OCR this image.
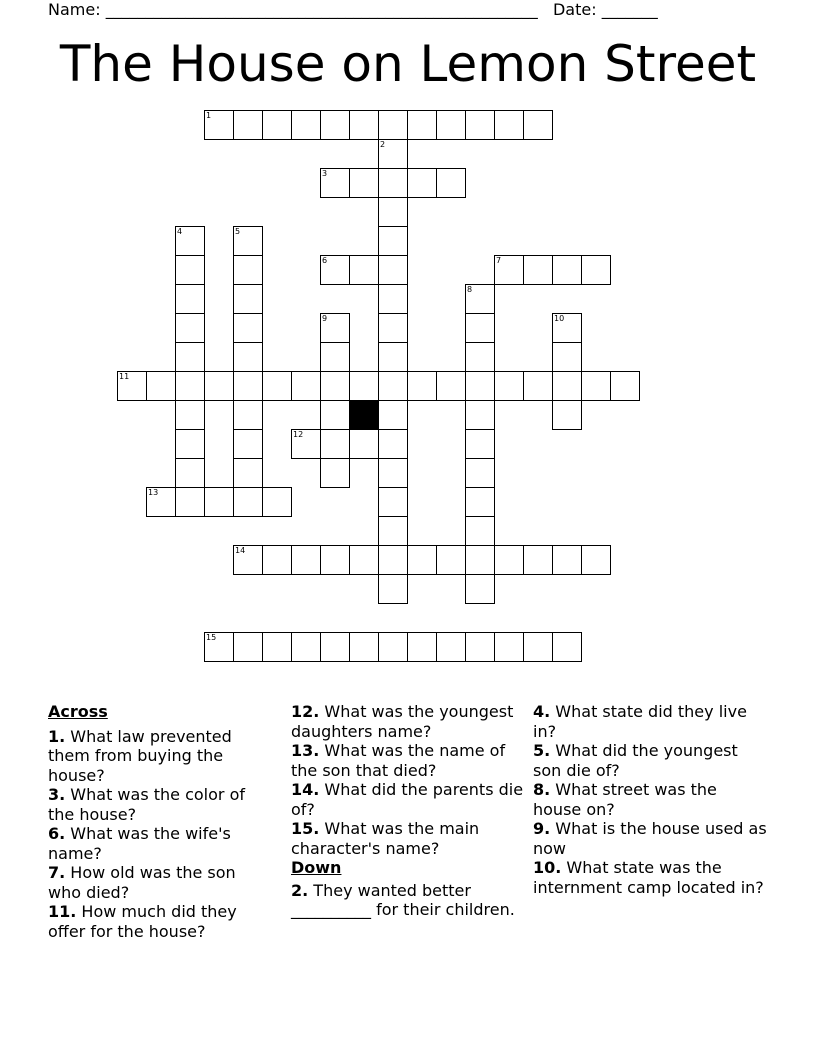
Name: ______________________________________________________ Date: _______
The House on Lemon Street
1
2
3
4	5
6	7
8
9	10
11
12
13
14
15
Across
1. What law prevented them from buying the house?
3. What was the color of the house?
6. What was the wife's name?
7. How old was the son who died?
11. How much did they offer for the house?
12. What was the youngest daughters name?
13. What was the name of the son that died?
14. What did the parents die of?
15. What was the main character's name?
Down
2. They wanted better __________ for their children.
4. What state did they live in?
5. What did the youngest son die of?
8. What street was the house on?
9. What is the house used as now
10. What state was the internment camp located in?
